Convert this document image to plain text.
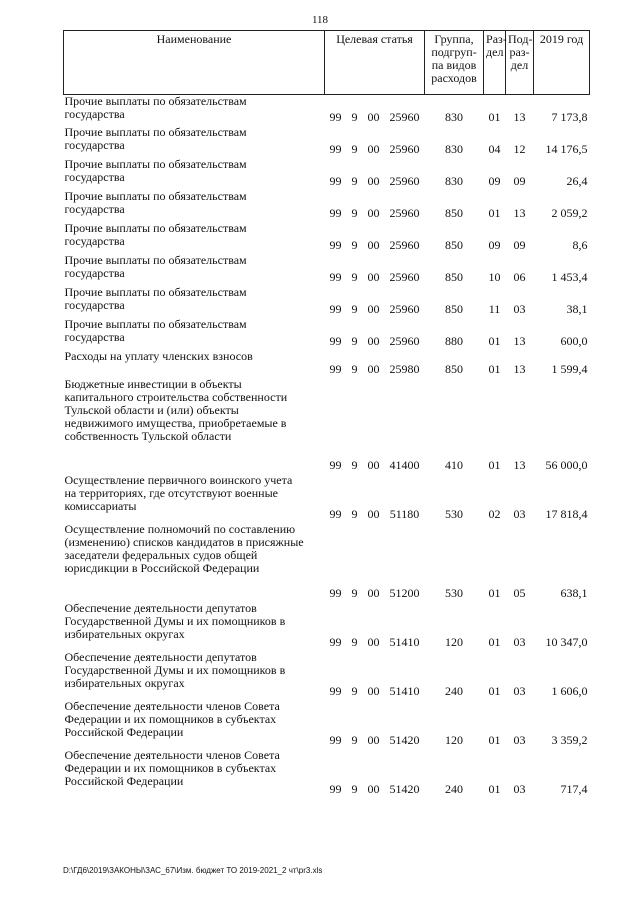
118
Наименование	Целевая статья				Группа, подгруп-па видов расходов	Раз-дел	Под-раз-дел	2019 год
Прочие выплаты по обязательствам
государства	99	9	00	25960	830	01	13	7 173,8
Прочие выплаты по обязательствам
государства	99	9	00	25960	830	04	12	14 176,5
Прочие выплаты по обязательствам
государства	99	9	00	25960	830	09	09	26,4
Прочие выплаты по обязательствам
государства	99	9	00	25960	850	01	13	2 059,2
Прочие выплаты по обязательствам
государства	99	9	00	25960	850	09	09	8,6
Прочие выплаты по обязательствам
государства	99	9	00	25960	850	10	06	1 453,4
Прочие выплаты по обязательствам
государства	99	9	00	25960	850	11	03	38,1
Прочие выплаты по обязательствам
государства	99	9	00	25960	880	01	13	600,0
Расходы на уплату членских взносов	99	9	00	25980	850	01	13	1 599,4
Бюджетные инвестиции в объекты
капитального строительства собственности
Тульской области и (или) объекты
недвижимого имущества, приобретаемые в
собственность Тульской области	99	9	00	41400	410	01	13	56 000,0
Осуществление первичного воинского учета
на территориях, где отсутствуют военные
комиссариаты	99	9	00	51180	530	02	03	17 818,4
Осуществление полномочий по составлению
(изменению) списков кандидатов в присяжные
заседатели федеральных судов общей
юрисдикции в Российской Федерации	99	9	00	51200	530	01	05	638,1
Обеспечение деятельности депутатов
Государственной Думы и их помощников в
избирательных округах	99	9	00	51410	120	01	03	10 347,0
Обеспечение деятельности депутатов
Государственной Думы и их помощников в
избирательных округах	99	9	00	51410	240	01	03	1 606,0
Обеспечение деятельности членов Совета
Федерации и их помощников в субъектах
Российской Федерации	99	9	00	51420	120	01	03	3 359,2
Обеспечение деятельности членов Совета
Федерации и их помощников в субъектах
Российской Федерации	99	9	00	51420	240	01	03	717,4
D:\ГД6\2019\ЗАКОНЫ\ЗАС_67\Изм. бюджет ТО 2019-2021_2 чт\pr3.xls
